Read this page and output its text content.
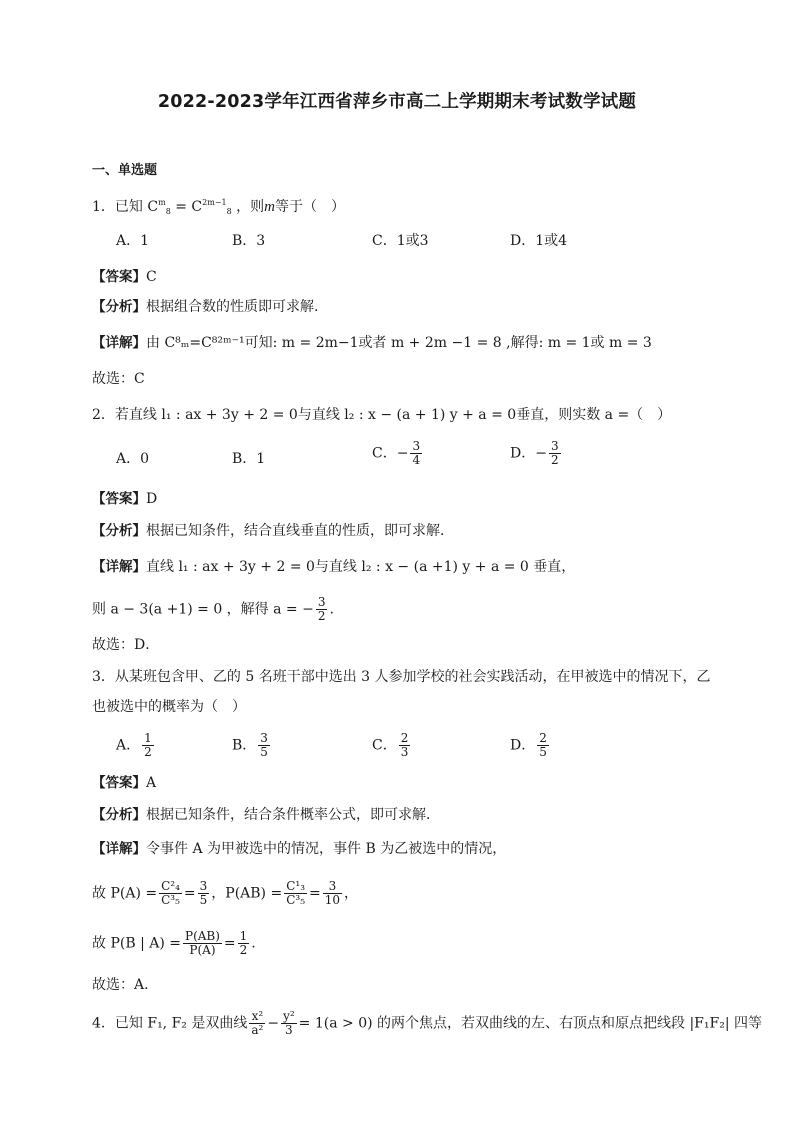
2022-2023学年江西省萍乡市高二上学期期末考试数学试题
一、单选题
1．已知 $C^m_8 = C^{2m-1}_8$ ，则m等于（　）
A．1	B．3	C．1或3	D．1或4
【答案】C
【分析】根据组合数的性质即可求解.
【详解】由 C⁸ₘ=C⁸²ᵐ⁻¹可知: m = 2m−1或者 m + 2m −1 = 8 ,解得: m = 1或 m = 3
故选：C
2．若直线 l₁ : ax + 3y + 2 = 0与直线 l₂ : x − (a + 1) y + a = 0垂直，则实数 a =（　）
A．0	B．1	C．− $\frac{3}{4}$	D．− $\frac{3}{2}$
【答案】D
【分析】根据已知条件，结合直线垂直的性质，即可求解．
【详解】直线 l₁ : ax + 3y + 2 = 0与直线 l₂ : x − (a +1) y + a = 0 垂直，
则 a − 3(a +1) = 0 ，解得 a = − $\frac{3}{2}$ .
故选：D．
3．从某班包含甲、乙的 5 名班干部中选出 3 人参加学校的社会实践活动，在甲被选中的情况下，乙
也被选中的概率为（　）
A． $\frac{1}{2}$	B． $\frac{3}{5}$	C． $\frac{2}{3}$	D． $\frac{2}{5}$
【答案】A
【分析】根据已知条件，结合条件概率公式，即可求解．
【详解】令事件 A 为甲被选中的情况，事件 B 为乙被选中的情况，
故 $P(A) = \frac{\text{C²₄}}{\text{C³₅}} = \frac{3}{5}$ ，$P(AB) = \frac{\text{C¹₃}}{\text{C³₅}} = \frac{3}{10}$ ，
故 P(B | $A) = \frac{P(AB)}{P(A)} = \frac{1}{2}$ .
故选：A．
4．已知 F₁, F₂ 是双曲线 $\frac{\text{x²}}{\text{a²}} - \frac{\text{y²}}{3} = 1(a > 0)$ 的两个焦点，若双曲线的左、右顶点和原点把线段 |F₁F₂| 四等
